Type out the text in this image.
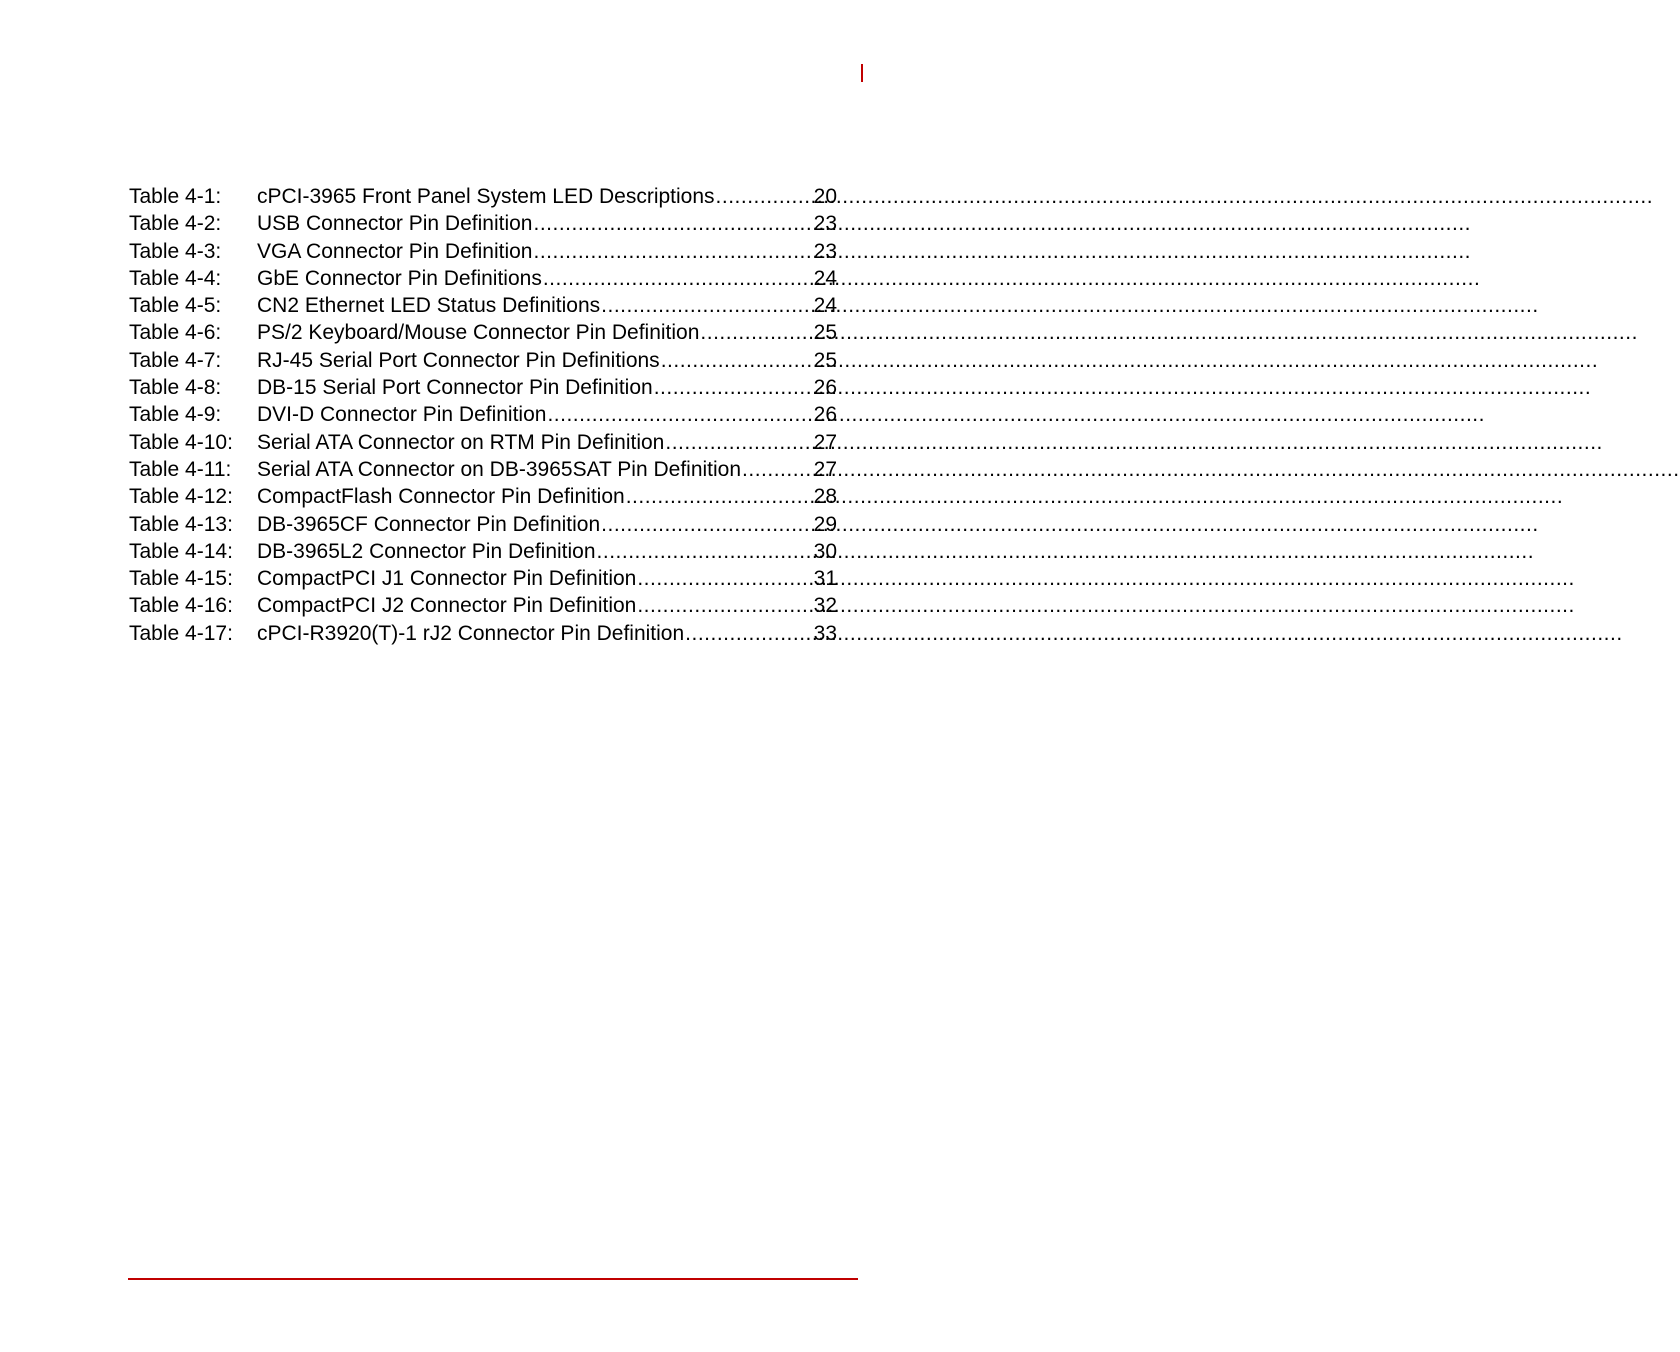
Table 4-1:	cPCI-3965 Front Panel System LED Descriptions .....	20
Table 4-2:	USB Connector Pin Definition .....	23
Table 4-3:	VGA Connector Pin Definition .....	23
Table 4-4:	GbE Connector Pin Definitions .....	24
Table 4-5:	CN2 Ethernet LED Status Definitions .....	24
Table 4-6:	PS/2 Keyboard/Mouse Connector Pin Definition .....	25
Table 4-7:	RJ-45 Serial Port Connector Pin Definitions .....	25
Table 4-8:	DB-15 Serial Port Connector Pin Definition .....	26
Table 4-9:	DVI-D Connector Pin Definition .....	26
Table 4-10:	Serial ATA Connector on RTM Pin Definition .....	27
Table 4-11:	Serial ATA Connector on DB-3965SAT Pin Definition .....	27
Table 4-12:	CompactFlash Connector Pin Definition .....	28
Table 4-13:	DB-3965CF Connector Pin Definition .....	29
Table 4-14:	DB-3965L2 Connector Pin Definition .....	30
Table 4-15:	CompactPCI J1 Connector Pin Definition .....	31
Table 4-16:	CompactPCI J2 Connector Pin Definition .....	32
Table 4-17:	cPCI-R3920(T)-1 rJ2 Connector Pin Definition .....	33
